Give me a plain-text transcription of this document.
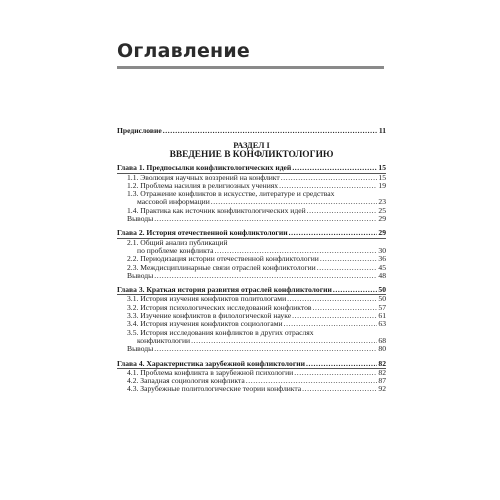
Оглавление
Предисловие .....	11
РАЗДЕЛ I
ВВЕДЕНИЕ В КОНФЛИКТОЛОГИЮ
Глава 1. Предпосылки конфликтологических идей .....	15
1.1. Эволюция научных воззрений на конфликт .....	15
1.2. Проблема насилия в религиозных учениях .....	19
1.3. Отражение конфликтов в искусстве, литературе и средствах
массовой информации .....	23
1.4. Практика как источник конфликтологических идей .....	25
Выводы .....	29
Глава 2. История отечественной конфликтологии .....	29
2.1. Общий анализ публикаций
по проблеме конфликта .....	30
2.2. Периодизация истории отечественной конфликтологии .....	36
2.3. Междисциплинарные связи отраслей конфликтологии .....	45
Выводы .....	48
Глава 3. Краткая история развития отраслей конфликтологии .....	50
3.1. История изучения конфликтов политологами .....	50
3.2. История психологических исследований конфликтов .....	57
3.3. Изучение конфликтов в филологической науке .....	61
3.4. История изучения конфликтов социологами .....	63
3.5. История исследования конфликтов в других отраслях
конфликтологии .....	68
Выводы .....	80
Глава 4. Характеристика зарубежной конфликтологии .....	82
4.1. Проблема конфликта в зарубежной психологии .....	82
4.2. Западная социология конфликта .....	87
4.3. Зарубежные политологические теории конфликта .....	92
